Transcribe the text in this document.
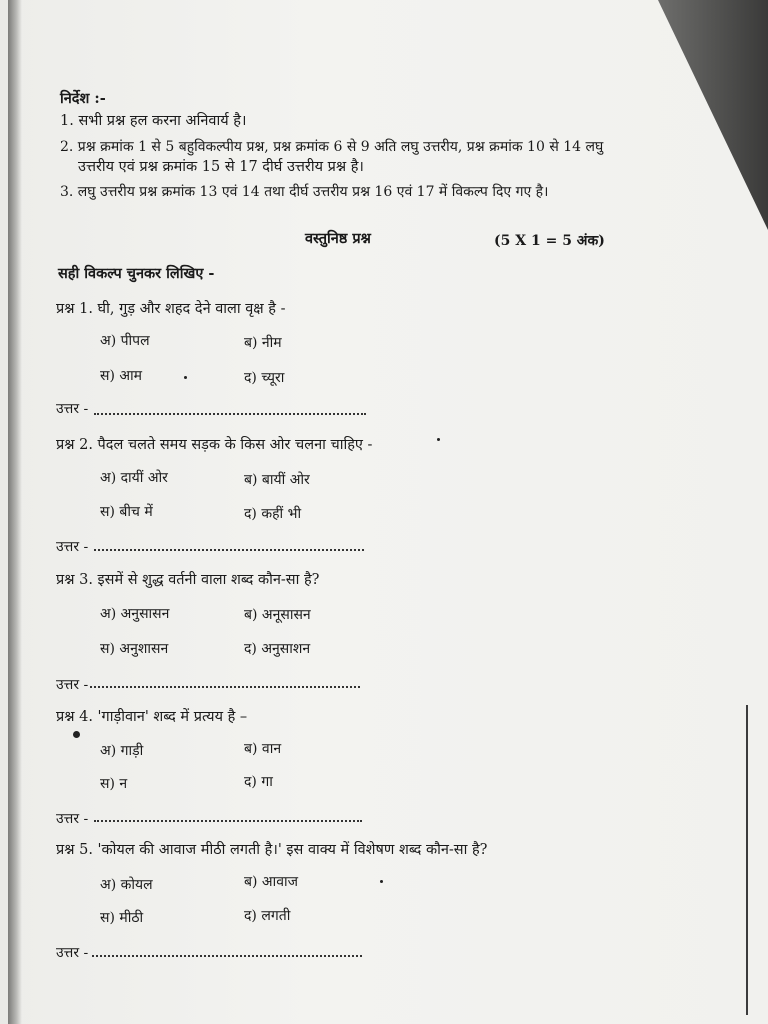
निर्देश :-
1. सभी प्रश्न हल करना अनिवार्य है।
2. प्रश्न क्रमांक 1 से 5 बहुविकल्पीय प्रश्न, प्रश्न क्रमांक 6 से 9 अति लघु उत्तरीय, प्रश्न क्रमांक 10 से 14 लघु
उत्तरीय एवं प्रश्न क्रमांक 15 से 17 दीर्घ उत्तरीय प्रश्न है।
3. लघु उत्तरीय प्रश्न क्रमांक 13 एवं 14 तथा दीर्घ उत्तरीय प्रश्न 16 एवं 17 में विकल्प दिए गए है।
वस्तुनिष्ठ प्रश्न	(5 X 1 = 5 अंक)
सही विकल्प चुनकर लिखिए -
प्रश्न 1. घी, गुड़ और शहद देने वाला वृक्ष है -
अ) पीपल	ब) नीम
स) आम	द) च्यूरा
उत्तर -
प्रश्न 2. पैदल चलते समय सड़क के किस ओर चलना चाहिए -
अ) दायीं ओर	ब) बायीं ओर
स) बीच में	द) कहीं भी
उत्तर -
प्रश्न 3. इसमें से शुद्ध वर्तनी वाला शब्द कौन-सा है?
अ) अनुसासन	ब) अनूसासन
स) अनुशासन	द) अनुसाशन
उत्तर -
प्रश्न 4. 'गाड़ीवान' शब्द में प्रत्यय है –
अ) गाड़ी	ब) वान
स) न	द) गा
उत्तर -
प्रश्न 5. 'कोयल की आवाज मीठी लगती है।' इस वाक्य में विशेषण शब्द कौन-सा है?
अ) कोयल	ब) आवाज
स) मीठी	द) लगती
उत्तर -
